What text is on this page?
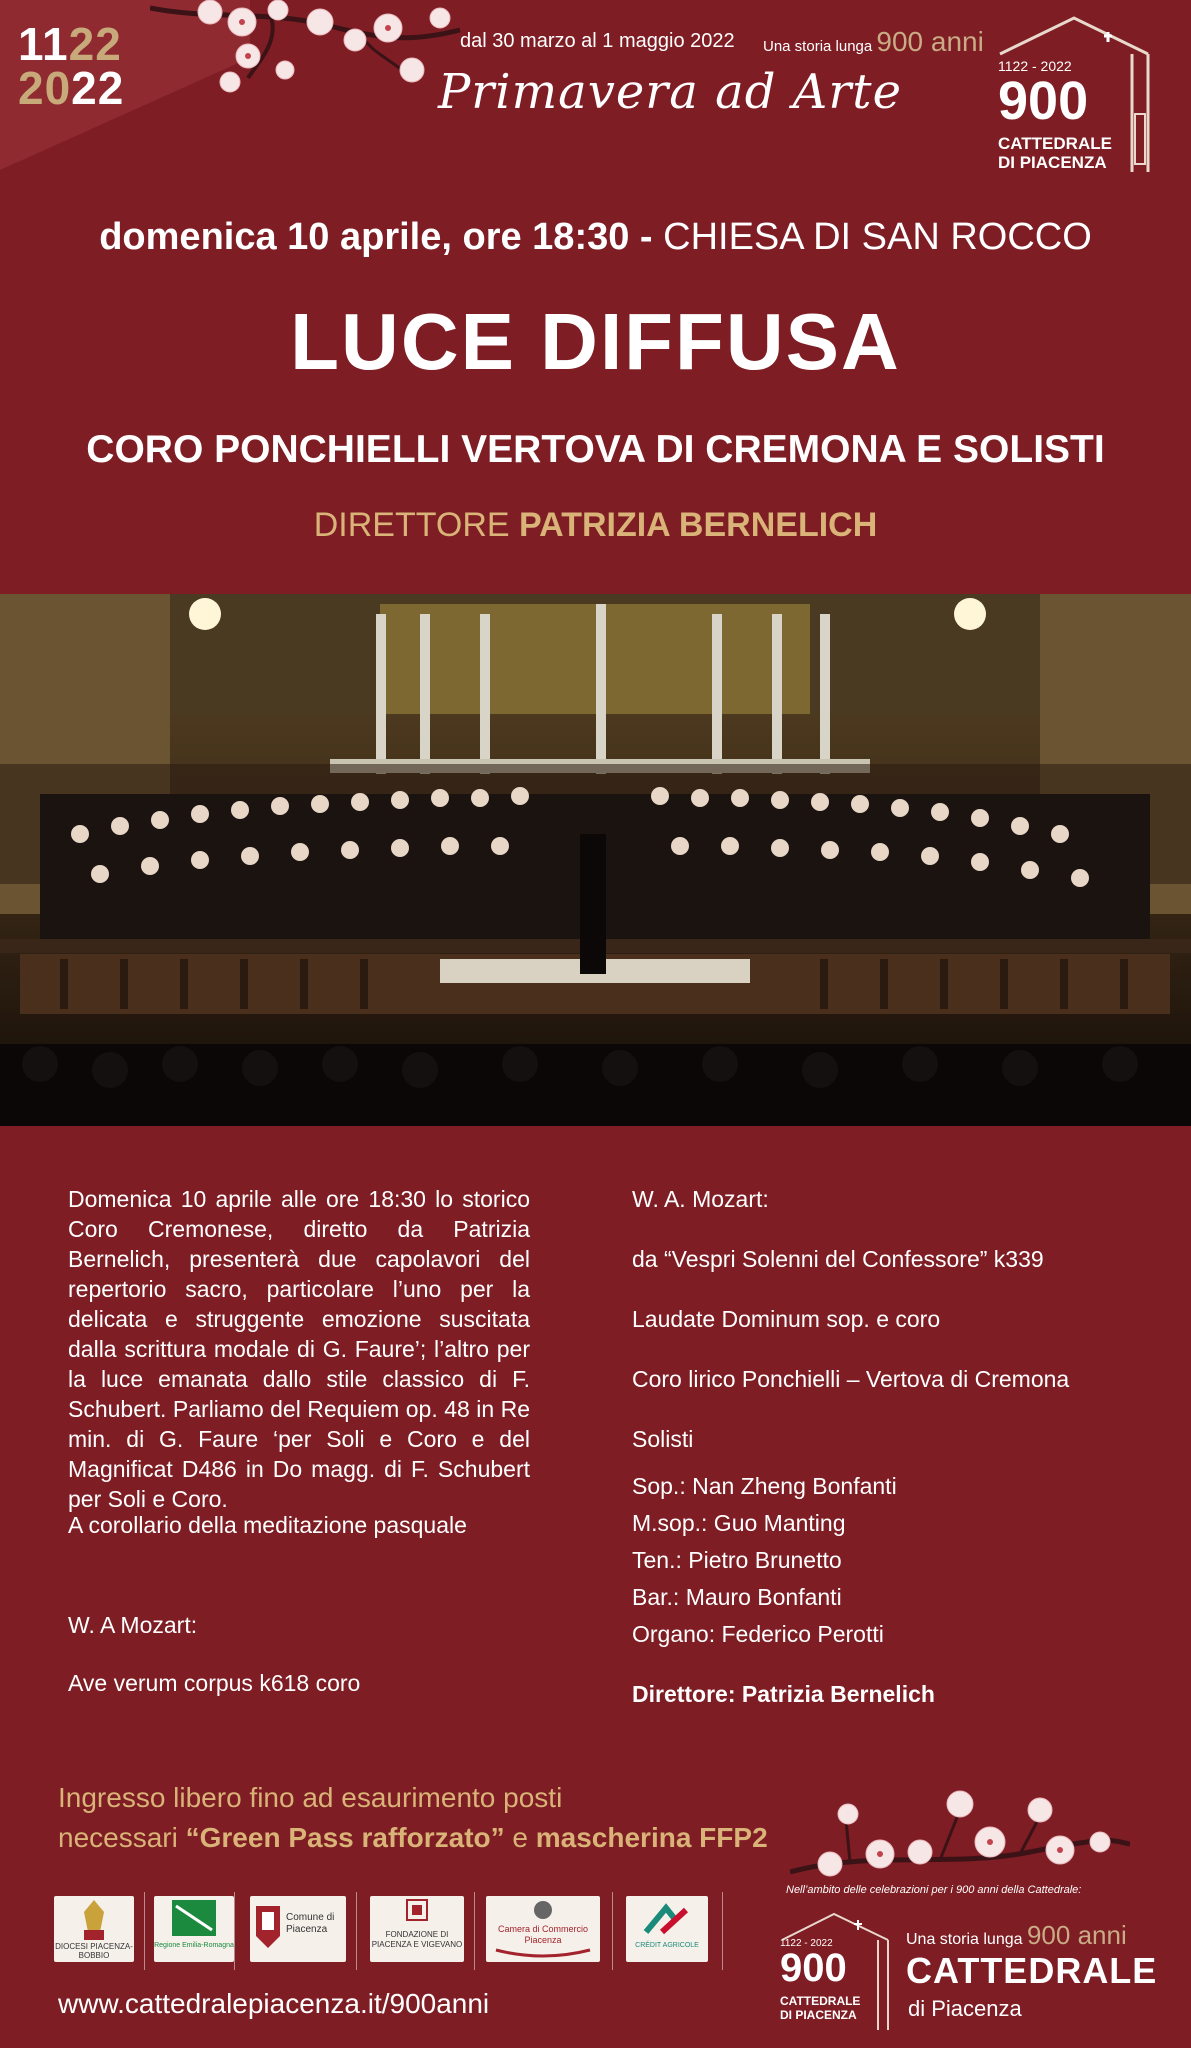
1122
2022
dal 30 marzo al 1 maggio 2022
Primavera ad Arte
Una storia lunga 900 anni
1122 - 2022
900
CATTEDRALE
DI PIACENZA
domenica 10 aprile, ore 18:30 - CHIESA DI SAN ROCCO
LUCE DIFFUSA
CORO PONCHIELLI VERTOVA DI CREMONA E SOLISTI
DIRETTORE PATRIZIA BERNELICH
Domenica 10 aprile alle ore 18:30 lo storico Coro Cremonese, diretto da Patrizia Bernelich, presenterà due capolavori del repertorio sacro, particolare l’uno per la delicata e struggente emozione suscitata dalla scrittura modale di G. Faure’; l’altro per la luce emanata dallo stile classico di F. Schubert. Parliamo del Requiem op. 48 in Re min. di G. Faure ‘per Soli e Coro e del Magnificat D486 in Do magg. di F. Schubert per Soli e Coro.
A corollario della meditazione pasquale
W. A Mozart:
Ave verum corpus k618 coro
W. A. Mozart:
da “Vespri Solenni del Confessore” k339
Laudate Dominum sop. e coro
Coro lirico Ponchielli – Vertova di Cremona
Solisti
Sop.: Nan Zheng Bonfanti
M.sop.: Guo Manting
Ten.: Pietro Brunetto
Bar.: Mauro Bonfanti
Organo: Federico Perotti
Direttore: Patrizia Bernelich
Ingresso libero fino ad esaurimento posti
necessari “Green Pass rafforzato” e mascherina FFP2
Nell’ambito delle celebrazioni per i 900 anni della Cattedrale:
DIOCESI PIACENZA-BOBBIO
Regione Emilia-Romagna
Comune di Piacenza	FONDAZIONE DI PIACENZA E VIGEVANO
Camera di Commercio Piacenza
CRÉDIT AGRICOLE	1122 - 2022
900
CATTEDRALE
DI PIACENZA
Una storia lunga 900 anni
CATTEDRALE
di Piacenza
www.cattedralepiacenza.it/900anni
